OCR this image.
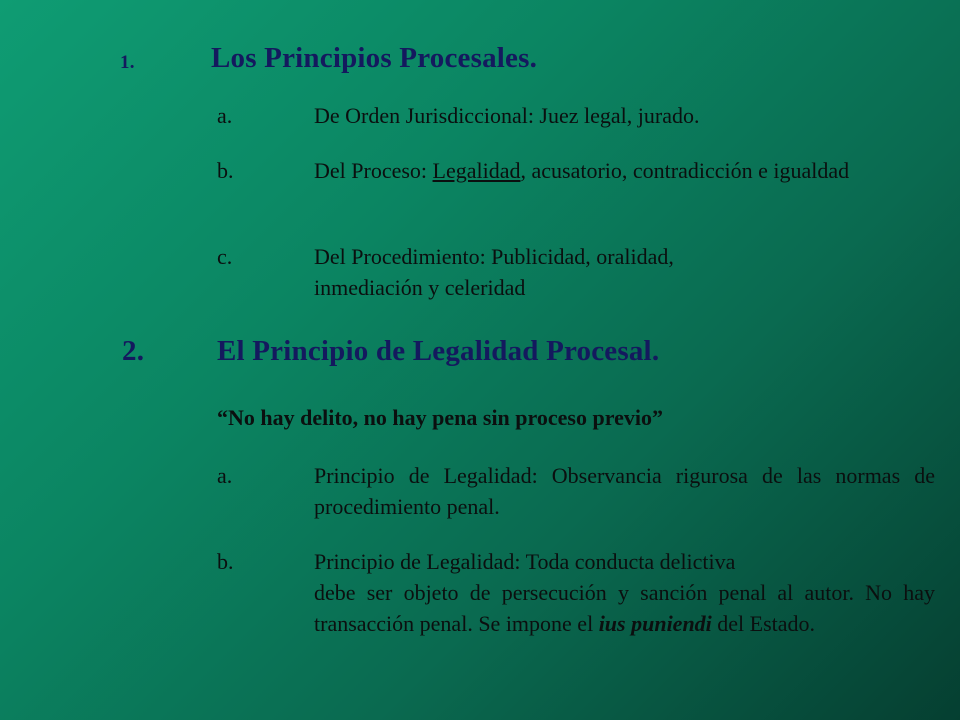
1.	Los Principios Procesales.
a.	De Orden Jurisdiccional: Juez legal, jurado.
b.	Del Proceso: Legalidad, acusatorio, contradicción e igualdad
c.	Del Procedimiento: Publicidad, oralidad,
inmediación y celeridad
2.	El Principio de Legalidad Procesal.
“No hay delito, no hay pena sin proceso previo”
a.	Principio de Legalidad: Observancia rigurosa de las normas de procedimiento penal.
b.	Principio de Legalidad: Toda conducta delictiva
debe ser objeto de persecución y sanción penal al autor. No hay transacción penal. Se impone el ius puniendi del Estado.
